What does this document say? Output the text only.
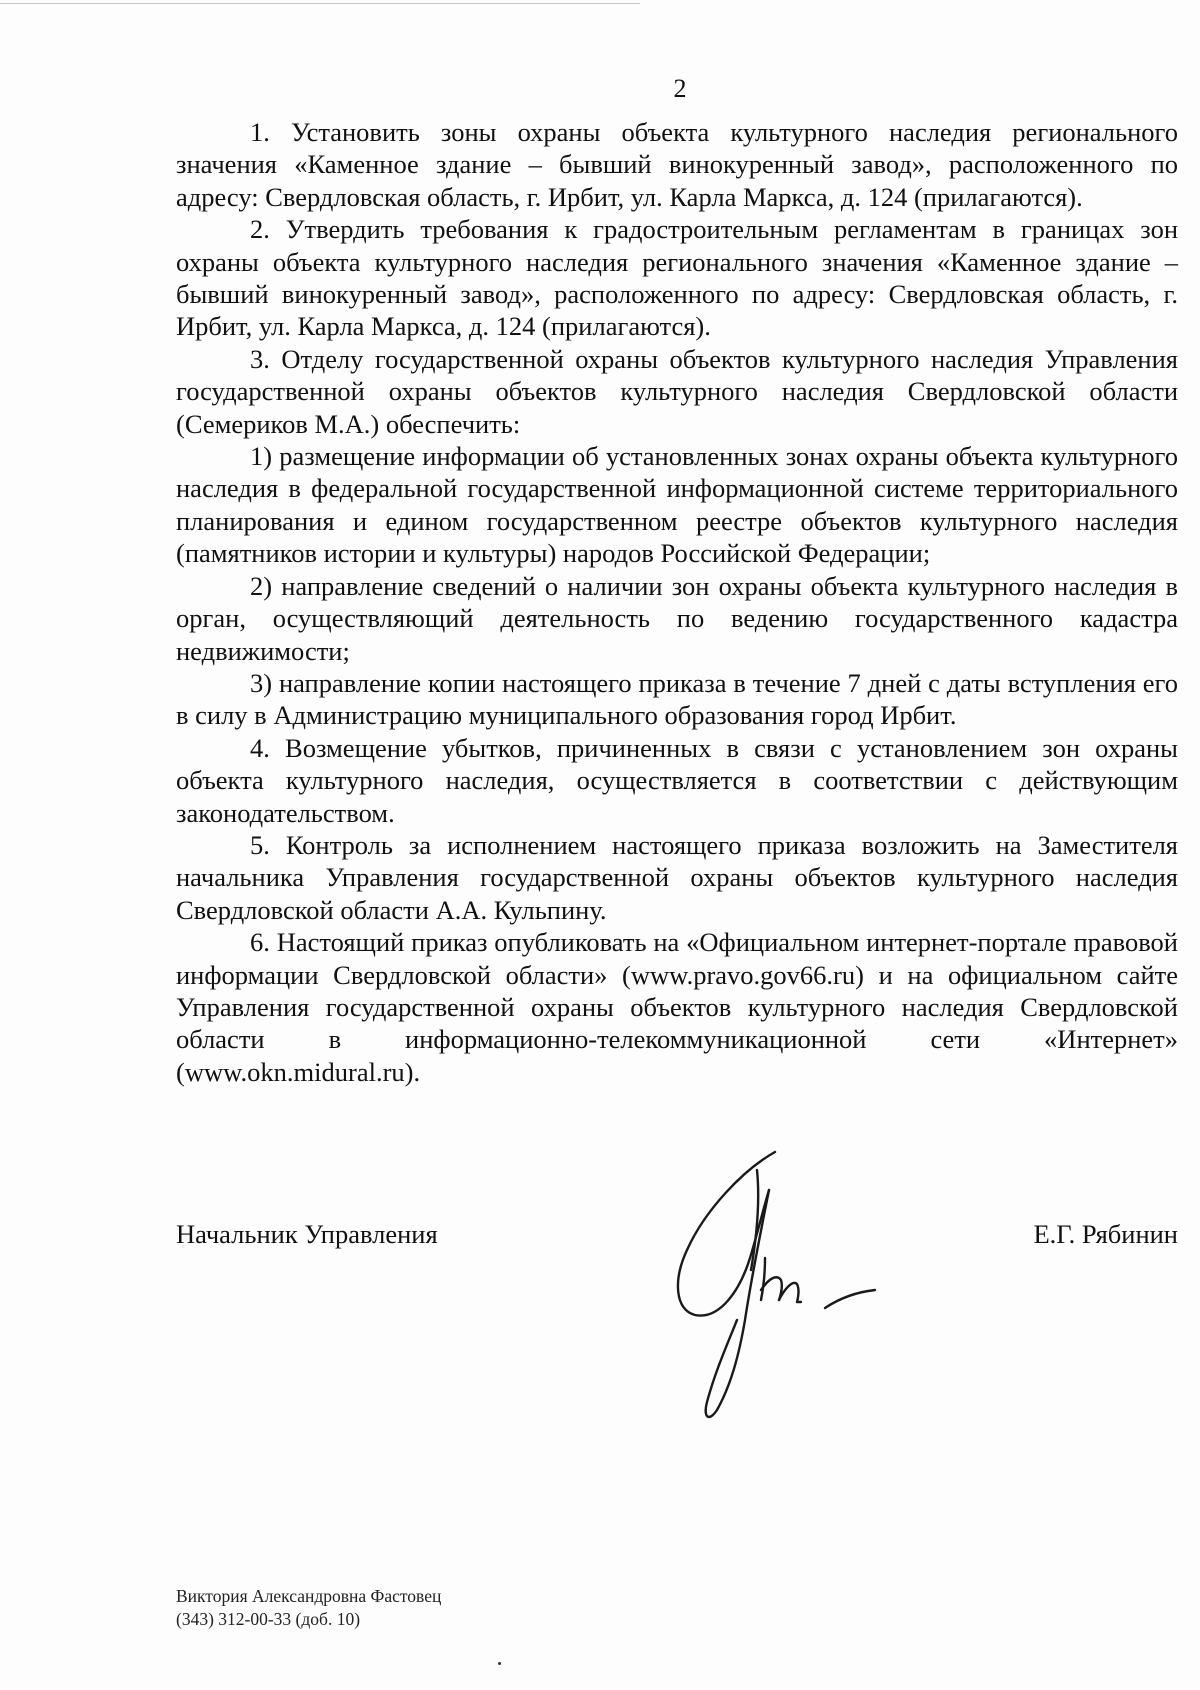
2

1. Установить зоны охраны объекта культурного наследия регионального значения «Каменное здание – бывший винокуренный завод», расположенного по адресу: Свердловская область, г. Ирбит, ул. Карла Маркса, д. 124 (прилагаются).

2. Утвердить требования к градостроительным регламентам в границах зон охраны объекта культурного наследия регионального значения «Каменное здание – бывший винокуренный завод», расположенного по адресу: Свердловская область, г. Ирбит, ул. Карла Маркса, д. 124 (прилагаются).

3. Отделу государственной охраны объектов культурного наследия Управления государственной охраны объектов культурного наследия Свердловской области (Семериков М.А.) обеспечить:

1) размещение информации об установленных зонах охраны объекта культурного наследия в федеральной государственной информационной системе территориального планирования и едином государственном реестре объектов культурного наследия (памятников истории и культуры) народов Российской Федерации;

2) направление сведений о наличии зон охраны объекта культурного наследия в орган, осуществляющий деятельность по ведению государственного кадастра недвижимости;

3) направление копии настоящего приказа в течение 7 дней с даты вступления его в силу в Администрацию муниципального образования город Ирбит.

4. Возмещение убытков, причиненных в связи с установлением зон охраны объекта культурного наследия, осуществляется в соответствии с действующим законодательством.

5. Контроль за исполнением настоящего приказа возложить на Заместителя начальника Управления государственной охраны объектов культурного наследия Свердловской области А.А. Кульпину.

6. Настоящий приказ опубликовать на «Официальном интернет-портале правовой информации Свердловской области» (www.pravo.gov66.ru) и на официальном сайте Управления государственной охраны объектов культурного наследия Свердловской области в информационно-телекоммуникационной сети «Интернет» (www.okn.midural.ru).

Начальник Управления	Е.Г. Рябинин
Виктория Александровна Фастовец
(343) 312-00-33 (доб. 10)
